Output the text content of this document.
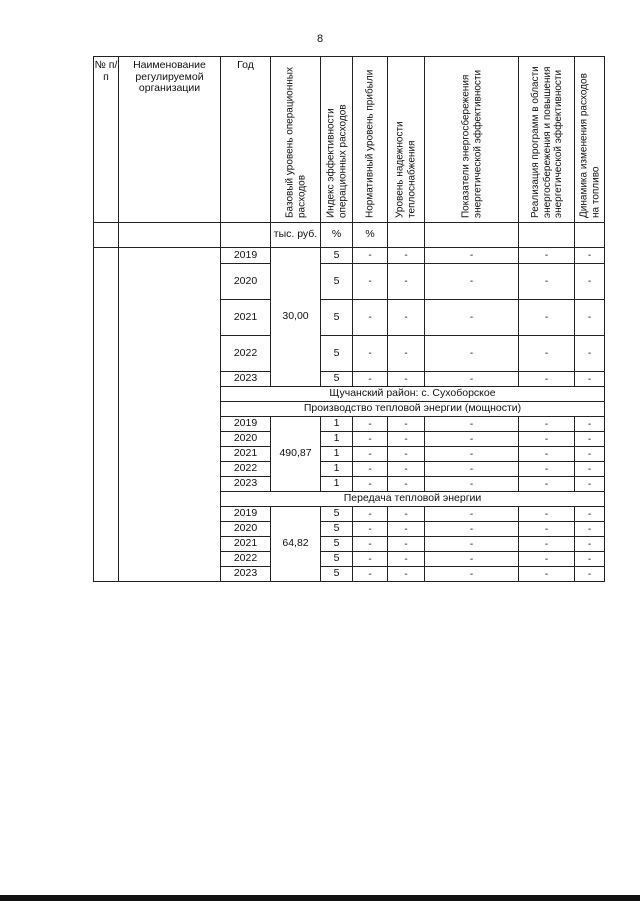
8
№ п/п	Наименование регулируемой организации	Год	Базовый уровень операционных расходов	Индекс эффективности операционных расходов	Нормативный уровень прибыли	Уровень надежности теплоснабжения	Показатели энергосбережения энергетической эффективности	Реализация программ в области энергосбережения и повышения энергетической эффективности	Динамика изменения расходов на топливо

			тыс. руб.	%	%				
		2019	30,00	5	-	-	-	-	-
		2020		5	-	-	-	-	-
		2021		5	-	-	-	-	-
		2022		5	-	-	-	-	-
		2023		5	-	-	-	-	-
		Щучанский район: с. Сухоборское							
		Производство тепловой энергии (мощности)							
		2019	490,87	1	-	-	-	-	-
		2020		1	-	-	-	-	-
		2021		1	-	-	-	-	-
		2022		1	-	-	-	-	-
		2023		1	-	-	-	-	-
		Передача тепловой энергии							
		2019	64,82	5	-	-	-	-	-
		2020		5	-	-	-	-	-
		2021		5	-	-	-	-	-
		2022		5	-	-	-	-	-
		2023		5	-	-	-	-	-
